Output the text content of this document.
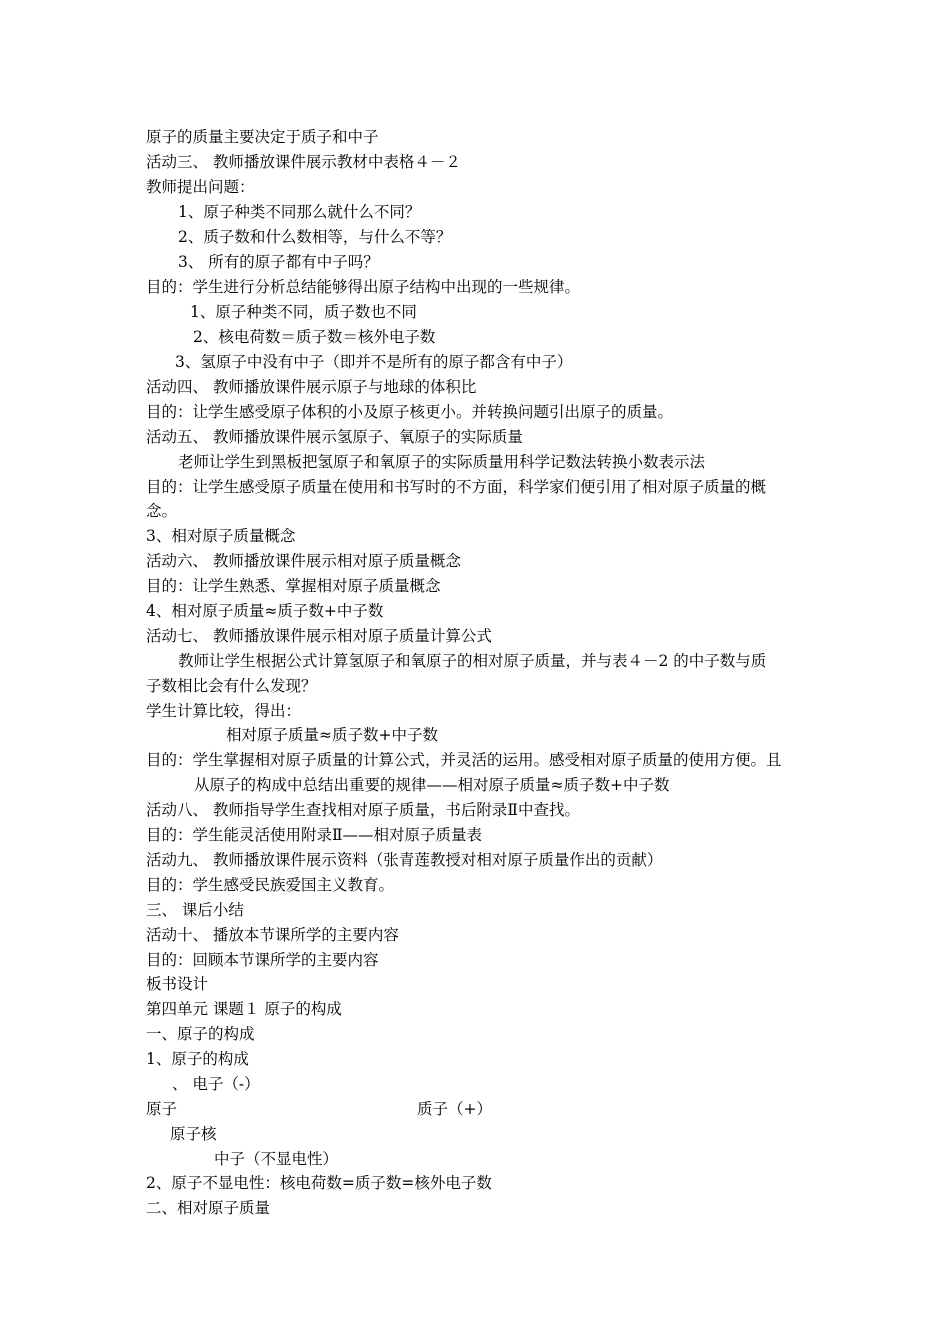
原子的质量主要决定于质子和中子
活动三、 教师播放课件展示教材中表格４－２
教师提出问题：
1、原子种类不同那么就什么不同？
2、质子数和什么数相等，与什么不等？
3、 所有的原子都有中子吗？
目的：学生进行分析总结能够得出原子结构中出现的一些规律。
1、原子种类不同，质子数也不同
2、核电荷数＝质子数＝核外电子数
3、氢原子中没有中子（即并不是所有的原子都含有中子）
活动四、 教师播放课件展示原子与地球的体积比
目的：让学生感受原子体积的小及原子核更小。并转换问题引出原子的质量。
活动五、 教师播放课件展示氢原子、氧原子的实际质量
老师让学生到黑板把氢原子和氧原子的实际质量用科学记数法转换小数表示法
目的：让学生感受原子质量在使用和书写时的不方面，科学家们便引用了相对原子质量的概
念。
3、相对原子质量概念
活动六、 教师播放课件展示相对原子质量概念
目的：让学生熟悉、掌握相对原子质量概念
4、相对原子质量≈质子数+中子数
活动七、 教师播放课件展示相对原子质量计算公式
教师让学生根据公式计算氢原子和氧原子的相对原子质量，并与表４－2 的中子数与质
子数相比会有什么发现？
学生计算比较，得出：
相对原子质量≈质子数+中子数
目的：学生掌握相对原子质量的计算公式，并灵活的运用。感受相对原子质量的使用方便。且
从原子的构成中总结出重要的规律——相对原子质量≈质子数+中子数
活动八、 教师指导学生查找相对原子质量，书后附录Ⅱ中查找。
目的：学生能灵活使用附录Ⅱ——相对原子质量表
活动九、 教师播放课件展示资料（张青莲教授对相对原子质量作出的贡献）
目的：学生感受民族爱国主义教育。
三、 课后小结
活动十、 播放本节课所学的主要内容
目的：回顾本节课所学的主要内容
板书设计
第四单元 课题１ 原子的构成
一、原子的构成
1、原子的构成
、 电子（-）
原子	质子（+）
原子核
中子（不显电性）
2、原子不显电性：核电荷数=质子数=核外电子数
二、相对原子质量
